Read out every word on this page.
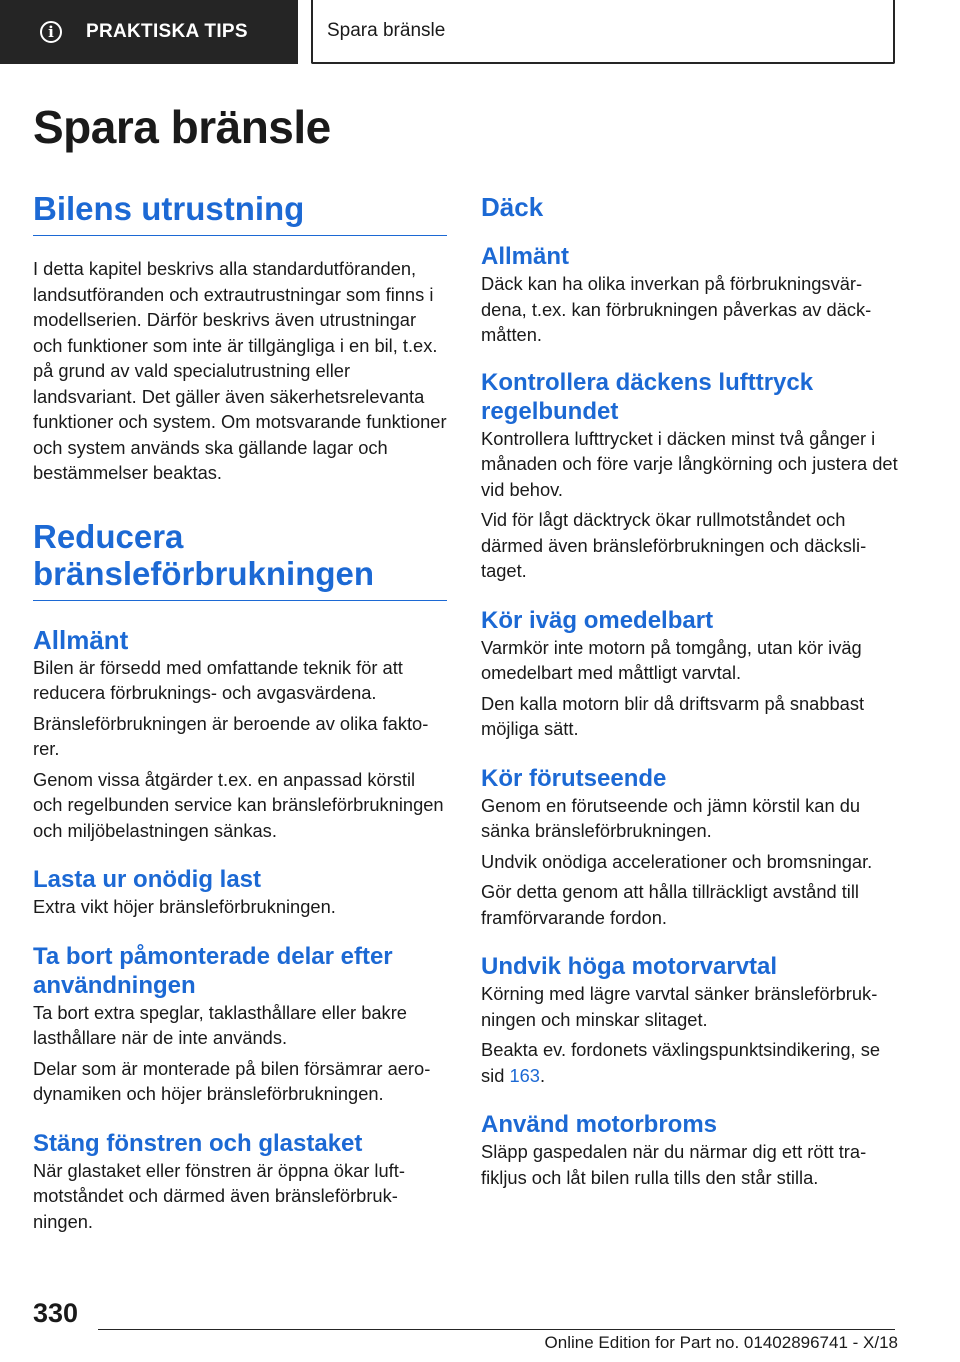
i	PRAKTISKA TIPS	Spara bränsle
Spara bränsle
Bilens utrustning

I detta kapitel beskrivs alla standardutföranden, landsutföranden och extrautrustningar som finns i modellserien. Därför beskrivs även utrustningar och funktioner som inte är tillgängliga i en bil, t.ex. på grund av vald specialutrustning eller landsvariant. Det gäller även säkerhetsrelevanta funktioner och system. Om motsvarande funktioner och system används ska gällande lagar och bestämmelser beaktas.

Reducera
bränsleförbrukningen
Allmänt

Bilen är försedd med omfattande teknik för att reducera förbruknings- och avgasvärdena.

Bränsleförbrukningen är beroende av olika faktorer.

Genom vissa åtgärder t.ex. en anpassad körstil och regelbunden service kan bränsleförbrukningen och miljöbelastningen sänkas.

Lasta ur onödig last

Extra vikt höjer bränsleförbrukningen.

Ta bort påmonterade delar efter användningen

Ta bort extra speglar, taklasthållare eller bakre lasthållare när de inte används.

Delar som är monterade på bilen försämrar aerodynamiken och höjer bränsleförbrukningen.

Stäng fönstren och glastaket

När glastaket eller fönstren är öppna ökar luftmotståndet och därmed även bränsleförbrukningen.

Däck
Allmänt

Däck kan ha olika inverkan på förbrukningsvärdena, t.ex. kan förbrukningen påverkas av däckmåtten.

Kontrollera däckens lufttryck regelbundet

Kontrollera lufttrycket i däcken minst två gånger i månaden och före varje långkörning och justera det vid behov.

Vid för lågt däcktryck ökar rullmotståndet och därmed även bränsleförbrukningen och däckslitaget.

Kör iväg omedelbart

Varmkör inte motorn på tomgång, utan kör iväg omedelbart med måttligt varvtal.

Den kalla motorn blir då driftsvarm på snabbast möjliga sätt.

Kör förutseende

Genom en förutseende och jämn körstil kan du sänka bränsleförbrukningen.

Undvik onödiga accelerationer och bromsningar.

Gör detta genom att hålla tillräckligt avstånd till framförvarande fordon.

Undvik höga motorvarvtal

Körning med lägre varvtal sänker bränsleförbrukningen och minskar slitaget.

Beakta ev. fordonets växlingspunktsindikering, se sid 163.

Använd motorbroms

Släpp gaspedalen när du närmar dig ett rött trafikljus och låt bilen rulla tills den står stilla.

330
Online Edition for Part no. 01402896741 - X/18
